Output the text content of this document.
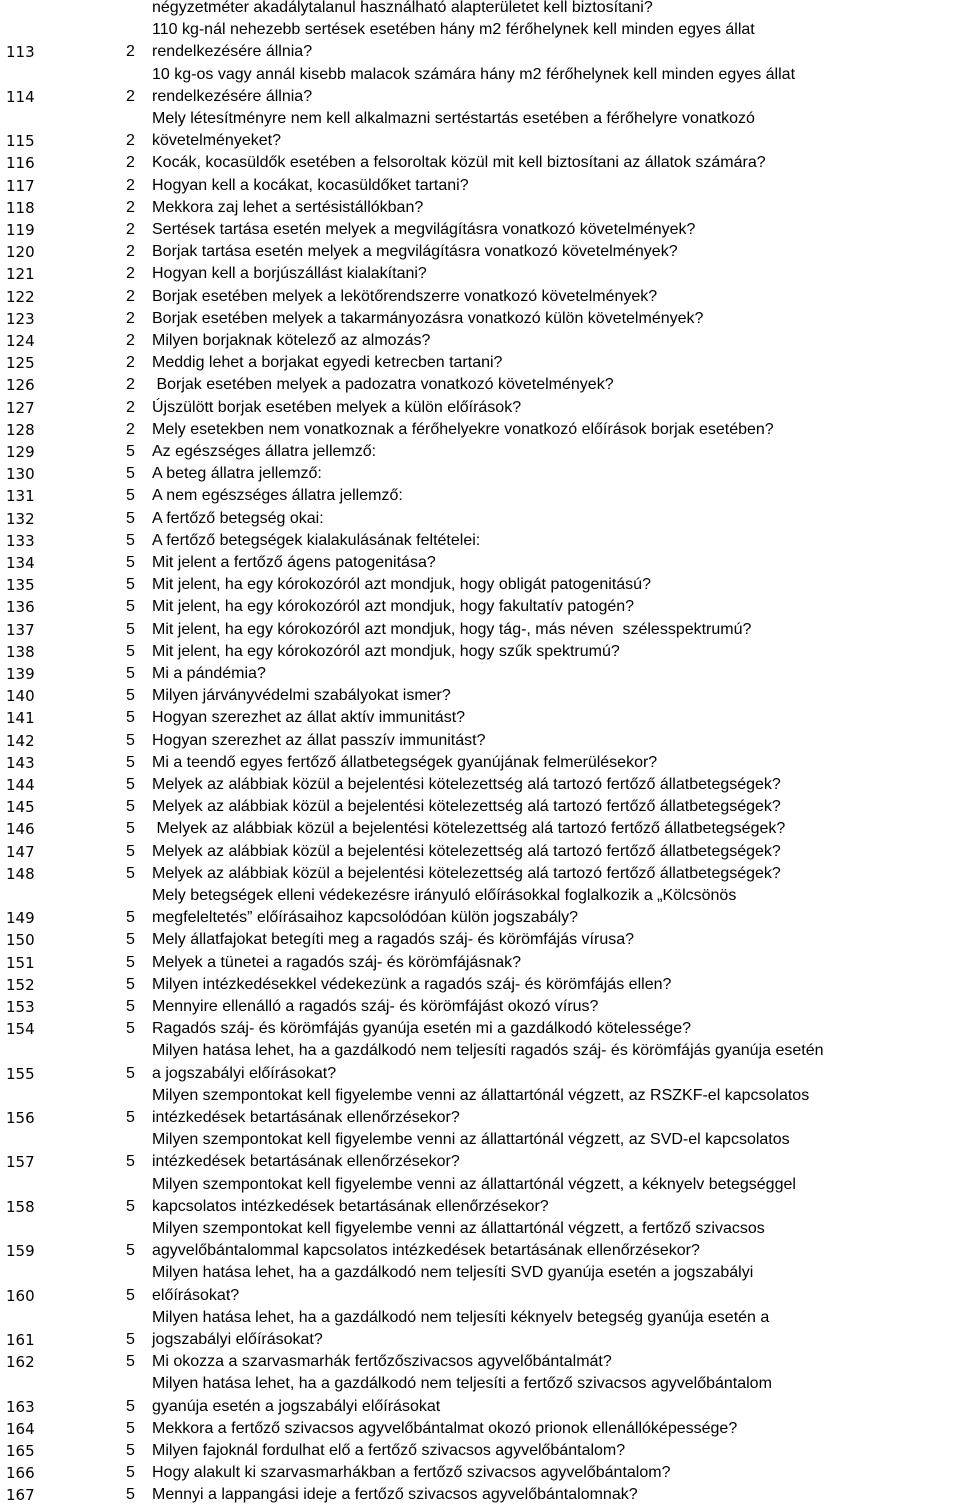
négyzetméter akadálytalanul használható alapterületet kell biztosítani?
113	2
110 kg-nál nehezebb sertések esetében hány m2 férőhelynek kell minden egyes állat
rendelkezésére állnia?
114	2
10 kg-os vagy annál kisebb malacok számára hány m2 férőhelynek kell minden egyes állat
rendelkezésére állnia?
115	2
Mely létesítményre nem kell alkalmazni sertéstartás esetében a férőhelyre vonatkozó
követelményeket?
116	2	Kocák, kocasüldők esetében a felsoroltak közül mit kell biztosítani az állatok számára?
117	2	Hogyan kell a kocákat, kocasüldőket tartani?
118	2	Mekkora zaj lehet a sertésistállókban?
119	2	Sertések tartása esetén melyek a megvilágításra vonatkozó követelmények?
120	2	Borjak tartása esetén melyek a megvilágításra vonatkozó követelmények?
121	2	Hogyan kell a borjúszállást kialakítani?
122	2	Borjak esetében melyek a lekötőrendszerre vonatkozó követelmények?
123	2	Borjak esetében melyek a takarmányozásra vonatkozó külön követelmények?
124	2	Milyen borjaknak kötelező az almozás?
125	2	Meddig lehet a borjakat egyedi ketrecben tartani?
126	2	Borjak esetében melyek a padozatra vonatkozó követelmények?
127	2	Újszülött borjak esetében melyek a külön előírások?
128	2	Mely esetekben nem vonatkoznak a férőhelyekre vonatkozó előírások borjak esetében?
129	5	Az egészséges állatra jellemző:
130	5	A beteg állatra jellemző:
131	5	A nem egészséges állatra jellemző:
132	5	A fertőző betegség okai:
133	5	A fertőző betegségek kialakulásának feltételei:
134	5	Mit jelent a fertőző ágens patogenitása?
135	5	Mit jelent, ha egy kórokozóról azt mondjuk, hogy obligát patogenitású?
136	5	Mit jelent, ha egy kórokozóról azt mondjuk, hogy fakultatív patogén?
137	5	Mit jelent, ha egy kórokozóról azt mondjuk, hogy tág-, más néven  szélesspektrumú?
138	5	Mit jelent, ha egy kórokozóról azt mondjuk, hogy szűk spektrumú?
139	5	Mi a pándémia?
140	5	Milyen járványvédelmi szabályokat ismer?
141	5	Hogyan szerezhet az állat aktív immunitást?
142	5	Hogyan szerezhet az állat passzív immunitást?
143	5	Mi a teendő egyes fertőző állatbetegségek gyanújának felmerülésekor?
144	5	Melyek az alábbiak közül a bejelentési kötelezettség alá tartozó fertőző állatbetegségek?
145	5	Melyek az alábbiak közül a bejelentési kötelezettség alá tartozó fertőző állatbetegségek?
146	5	Melyek az alábbiak közül a bejelentési kötelezettség alá tartozó fertőző állatbetegségek?
147	5	Melyek az alábbiak közül a bejelentési kötelezettség alá tartozó fertőző állatbetegségek?
148	5	Melyek az alábbiak közül a bejelentési kötelezettség alá tartozó fertőző állatbetegségek?
149	5
Mely betegségek elleni védekezésre irányuló előírásokkal foglalkozik a „Kölcsönös
megfeleltetés” előírásaihoz kapcsolódóan külön jogszabály?
150	5	Mely állatfajokat betegíti meg a ragadós száj- és körömfájás vírusa?
151	5	Melyek a tünetei a ragadós száj- és körömfájásnak?
152	5	Milyen intézkedésekkel védekezünk a ragadós száj- és körömfájás ellen?
153	5	Mennyire ellenálló a ragadós száj- és körömfájást okozó vírus?
154	5	Ragadós száj- és körömfájás gyanúja esetén mi a gazdálkodó kötelessége?
155	5
Milyen hatása lehet, ha a gazdálkodó nem teljesíti ragadós száj- és körömfájás gyanúja esetén
a jogszabályi előírásokat?
156	5
Milyen szempontokat kell figyelembe venni az állattartónál végzett, az RSZKF-el kapcsolatos
intézkedések betartásának ellenőrzésekor?
157	5
Milyen szempontokat kell figyelembe venni az állattartónál végzett, az SVD-el kapcsolatos
intézkedések betartásának ellenőrzésekor?
158	5
Milyen szempontokat kell figyelembe venni az állattartónál végzett, a kéknyelv betegséggel
kapcsolatos intézkedések betartásának ellenőrzésekor?
159	5
Milyen szempontokat kell figyelembe venni az állattartónál végzett, a fertőző szivacsos
agyvelőbántalommal kapcsolatos intézkedések betartásának ellenőrzésekor?
160	5
Milyen hatása lehet, ha a gazdálkodó nem teljesíti SVD gyanúja esetén a jogszabályi
előírásokat?
161	5
Milyen hatása lehet, ha a gazdálkodó nem teljesíti kéknyelv betegség gyanúja esetén a
jogszabályi előírásokat?
162	5	Mi okozza a szarvasmarhák fertőzőszivacsos agyvelőbántalmát?
163	5
Milyen hatása lehet, ha a gazdálkodó nem teljesíti a fertőző szivacsos agyvelőbántalom
gyanúja esetén a jogszabályi előírásokat
164	5	Mekkora a fertőző szivacsos agyvelőbántalmat okozó prionok ellenállóképessége?
165	5	Milyen fajoknál fordulhat elő a fertőző szivacsos agyvelőbántalom?
166	5	Hogy alakult ki szarvasmarhákban a fertőző szivacsos agyvelőbántalom?
167	5	Mennyi a lappangási ideje a fertőző szivacsos agyvelőbántalomnak?
